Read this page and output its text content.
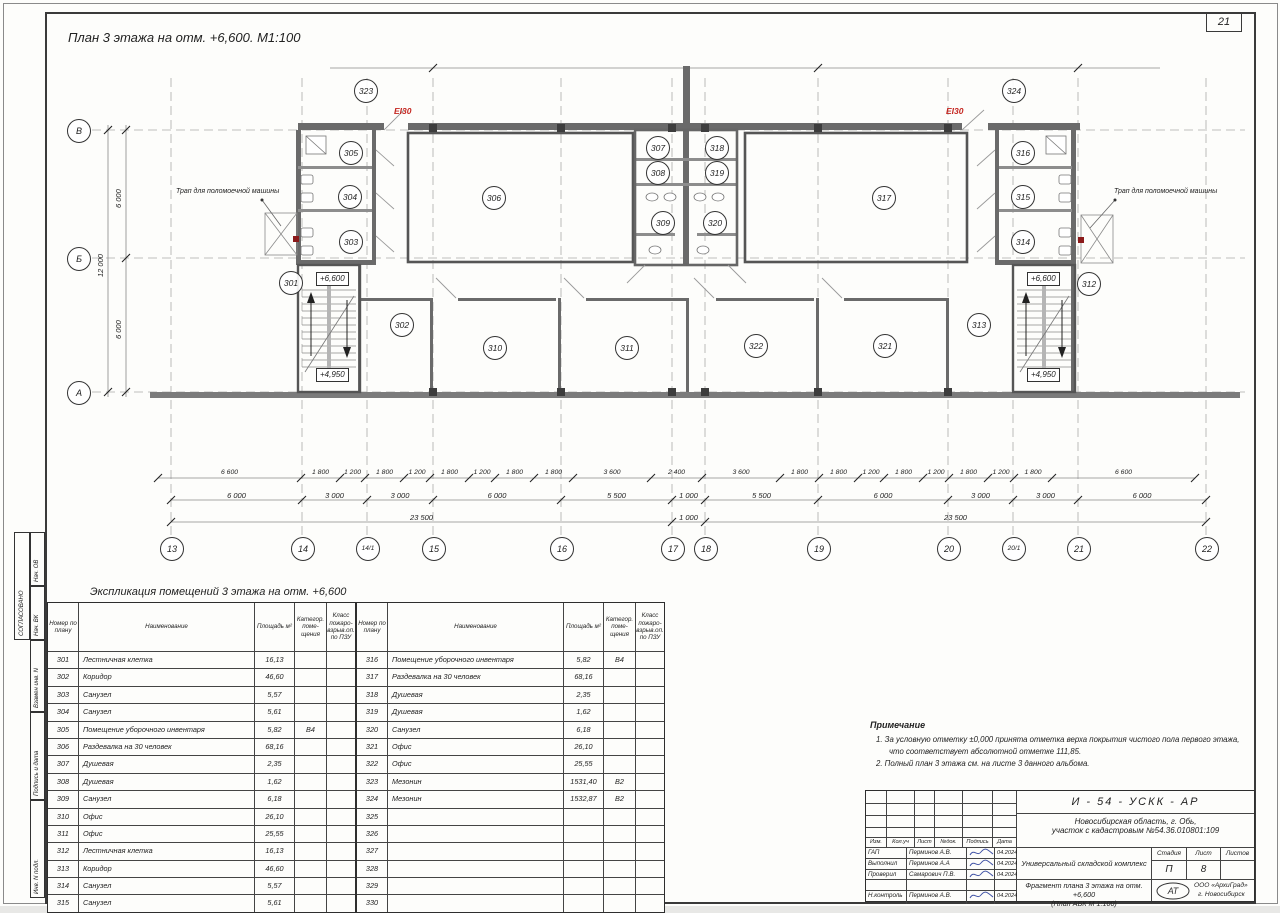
21
План 3 этажа на отм. +6,600. М1:100
301
302
303
304
305
306
307
308
309
310	311
312
313
314
315
316
317
318
319
320
321
322
323	324
13	14	14/1	15	16	17	18	19	20	20/1	21	22
В
Б
А
6 600	1 800 1 200 1 800 1 200 1 800 1 200 1 800	1 800	3 600	2 400	3 600	1 800	1 800 1 200 1 800 1 200 1 800 1 200 1 800	6 600
6 000	3 000	3 000	6 000	5 500	1 000	5 500	6 000	3 000	3 000	6 000
23 500	1 000	23 500
12 000
6 000
6 000
+6,600
+4,950
+6,600
+4,950
EI30	EI30
Трап для поломоечной машины	Трап для поломоечной машины
Экспликация помещений 3 этажа на отм. +6,600
Номер по плану
Наименование	Площадь м²
Категор. поме- щения
Класс пожаро- взрыв.оп. по ПЗУ
301	Лестничная клетка	16,13
302	Коридор	46,60
303	Санузел	5,57
304	Санузел	5,61
305	Помещение уборочного инвентаря	5,82	В4
306	Раздевалка на 30 человек	68,16
307	Душевая	2,35
308	Душевая	1,62
309	Санузел	6,18
310	Офис	26,10
311	Офис	25,55
312	Лестничная клетка	16,13
313	Коридор	46,60
314	Санузел	5,57
315	Санузел	5,61
Номер по плану
Наименование	Площадь м²
Категор. поме- щения
Класс пожаро- взрыв.оп. по ПЗУ
316	Помещение уборочного инвентаря	5,82	В4
317	Раздевалка на 30 человек	68,16
318	Душевая	2,35
319	Душевая	1,62
320	Санузел	6,18
321	Офис	26,10
322	Офис	25,55
323	Мезонин	1531,40	В2
324	Мезонин	1532,87	В2
325
326
327
328
329
330
Примечание
1. За условную отметку ±0,000 принята отметка верха покрытия чистого пола первого этажа,
что соответствует абсолютной отметке 111,85.
2. Полный план 3 этажа см. на листе 3 данного альбома.
И - 54 - УСКК - АР
Новосибирская область, г. Обь,
участок с кадастровым №54.36.010801:109
Универсальный складской комплекс
Стадия	Лист	Листов
П	8
Фрагмент плана 3 этажа на отм. +6,600
(План АБК М 1:100)
АТ
ООО «АрхиГрад»
г. Новосибирск
Изм.	Кол.уч	Лист	№док.	Подпись	Дата
ГАП	Перминов А.В.	04.2024
Выполнил	Перминов А.А	04.2024
Проверил	Самарович П.В.	04.2024
Н.контроль	Перминов А.В.	04.2024
СОГЛАСОВАНО
Нач. ОВ
Нач. ВК
Взамен инв. N
Подпись и дата
Инв. N подл.
